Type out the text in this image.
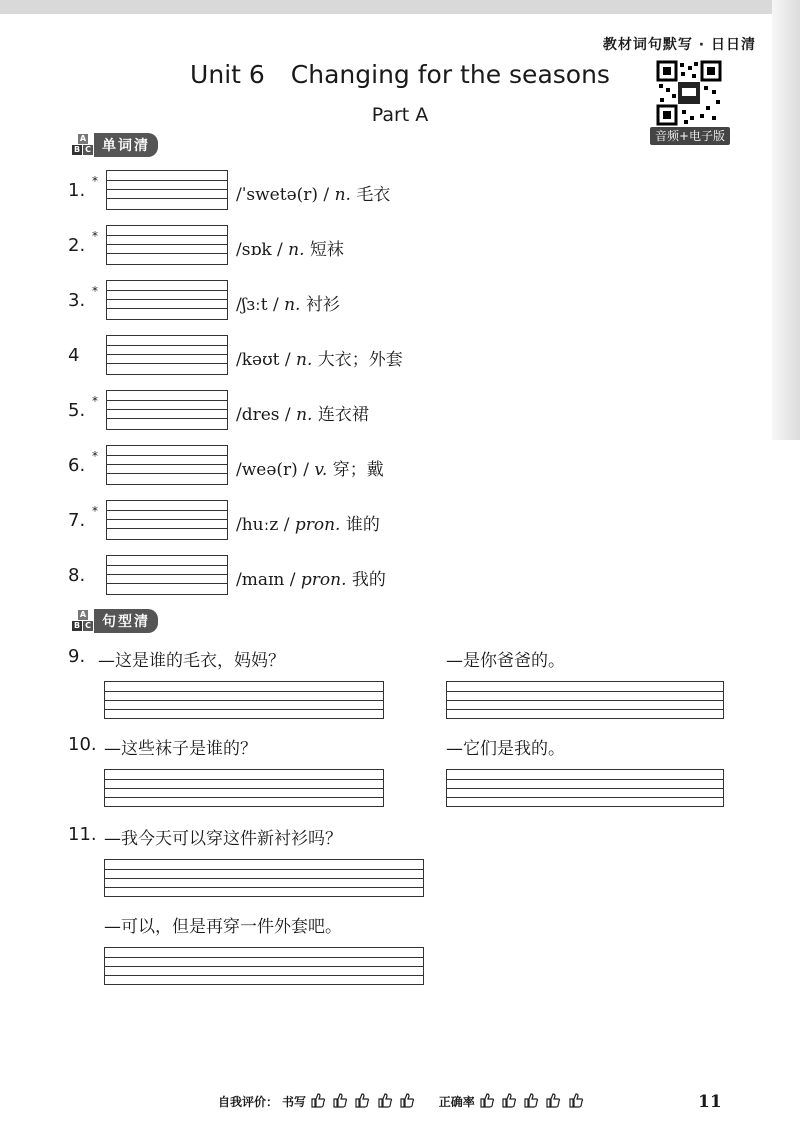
教材词句默写 · 日日清
Unit 6 Changing for the seasons
Part A
音频+电子版
A
B C 单词清
1. *
/ˈswetə(r) / n. 毛衣
2. *
/sɒk / n. 短袜
3. *
/ʃɜːt / n. 衬衫
4	/kəʊt / n. 大衣；外套
5. *
/dres / n. 连衣裙
6. *
/weə(r) / v. 穿；戴
7. *
/huːz / pron. 谁的
8.	/maɪn / pron. 我的
A
B C 句型清
9. —这是谁的毛衣，妈妈？	—是你爸爸的。
10. —这些袜子是谁的？	—它们是我的。
11. —我今天可以穿这件新衬衫吗？
—可以，但是再穿一件外套吧。
自我评价： 书写
	正确率
	11
